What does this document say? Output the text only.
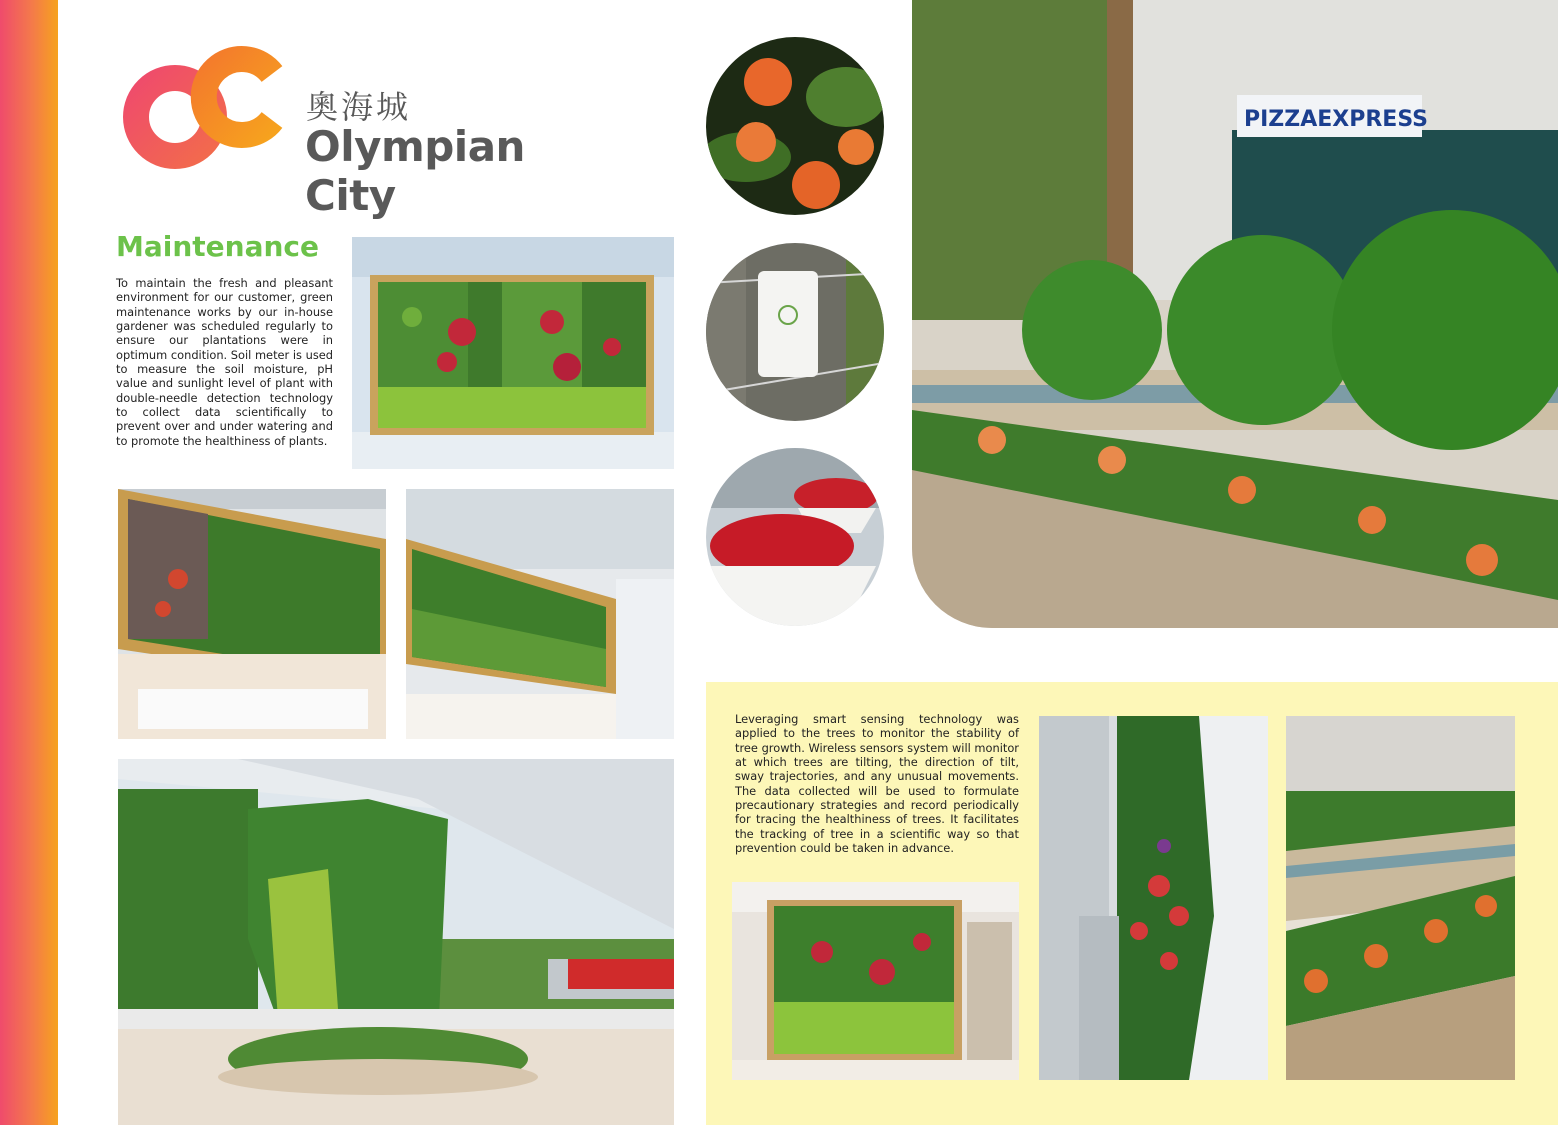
奧海城
Olympian City
Maintenance

To maintain the fresh and pleasant environment for our customer, green maintenance works by our in-house gardener was scheduled regularly to ensure our plantations were in optimum condition. Soil meter is used to measure the soil moisture, pH value and sunlight level of plant with double-needle detection technology to collect data scientifically to prevent over and under watering and to promote the healthiness of plants.

PIZZAEXPRESS

Leveraging smart sensing technology was applied to the trees to monitor the stability of tree growth. Wireless sensors system will monitor at which trees are tilting, the direction of tilt, sway trajectories, and any unusual movements. The data collected will be used to formulate precautionary strategies and record periodically for tracing the healthiness of trees. It facilitates the tracking of tree in a scientific way so that prevention could be taken in advance.
